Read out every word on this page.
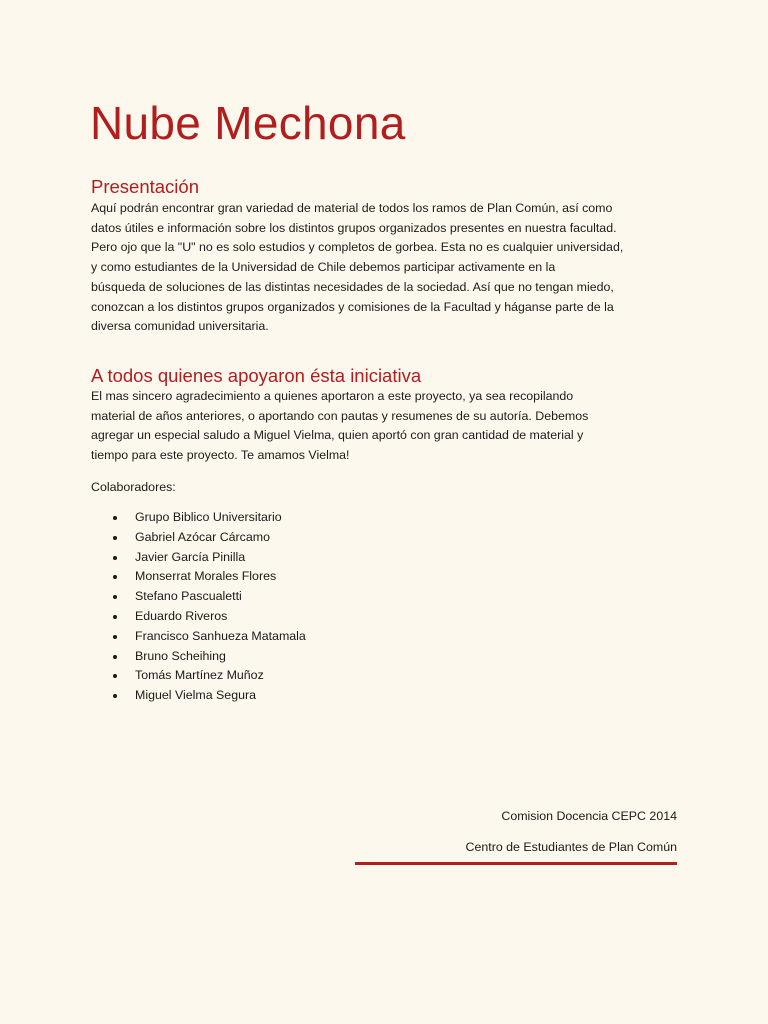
Nube Mechona
Presentación

Aquí podrán encontrar gran variedad de material de todos los ramos de Plan Común, así como
datos útiles e información sobre los distintos grupos organizados presentes en nuestra facultad.
Pero ojo que la "U" no es solo estudios y completos de gorbea. Esta no es cualquier universidad,
y como estudiantes de la Universidad de Chile debemos participar activamente en la
búsqueda de soluciones de las distintas necesidades de la sociedad. Así que no tengan miedo,
conozcan a los distintos grupos organizados y comisiones de la Facultad y háganse parte de la
diversa comunidad universitaria.

A todos quienes apoyaron ésta iniciativa

El mas sincero agradecimiento a quienes aportaron a este proyecto, ya sea recopilando
material de años anteriores, o aportando con pautas y resumenes de su autoría. Debemos
agregar un especial saludo a Miguel Vielma, quien aportó con gran cantidad de material y
tiempo para este proyecto. Te amamos Vielma!

Colaboradores:

Grupo Biblico Universitario
Gabriel Azócar Cárcamo
Javier García Pinilla
Monserrat Morales Flores
Stefano Pascualetti
Eduardo Riveros
Francisco Sanhueza Matamala
Bruno Scheihing
Tomás Martínez Muñoz
Miguel Vielma Segura

Comision Docencia CEPC 2014

Centro de Estudiantes de Plan Común
